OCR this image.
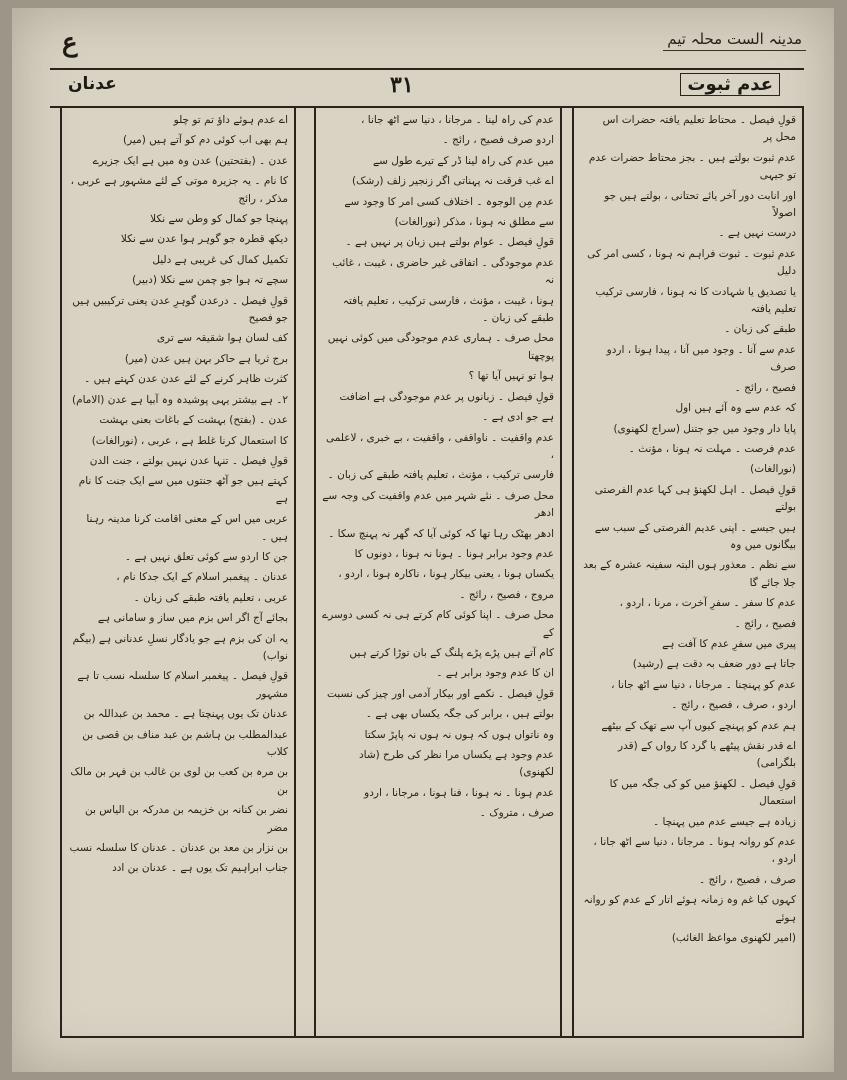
ع	مدینہ الست محلہ تیم
عدنان	۳۱	عدم ثبوت

اے عدم ہوئے داؤ تم تو چلو

ہم بھی اب کوئی دم کو آتے ہیں (میر)

عدن ۔ (بفتحتین) عدن وہ میں ہے ایک جزیرے

کا نام ۔ یہ جزیرہ موتی کے لئے مشہور ہے عربی ، مذکر ، رائج

پہنچا جو کمال کو وطن سے نکلا

دیکھ قطرہ جو گوہر ہوا عدن سے نکلا

تکمیل کمال کی غریبی ہے دلیل

سچے تہ ہوا جو چمن سے نکلا (دبیر)

قولِ فیصل ۔ درعدن گوہرِ عدن یعنی ترکیبیں ہیں جو فصیح

کف لسان ہوا شقیقہ سے تری

برج ثریا ہے حاکر بہن ہیں عدن (میر)

کثرت ظاہر کرنے کے لئے عدن عدن کہتے ہیں ۔

۲۔ ہے بیشتر یہی پوشیدہ وہ آبیا ہے عدن (الامام)

عدن ۔ (بفتح) بہشت کے باغات بعنی بہشت

کا استعمال کرنا غلط ہے ، عربی ، (نورالغات)

قولِ فیصل ۔ تنہا عدن نہیں بولتے ، جنت الدن

کہتے ہیں جو آٹھ جنتوں میں سے ایک جنت کا نام ہے

عربی میں اس کے معنی اقامت کرنا مدینہ رہنا ہیں ۔

جن کا اردو سے کوئی تعلق نہیں ہے ۔

عدنان ۔ پیغمبر اسلام کے ایک جدکا نام ،

عربی ، تعلیم یافتہ طبقے کی زبان ۔

بجائے آج اگر اس بزم میں ساز و سامانی ہے

یہ ان کی بزم ہے جو یادگار نسلِ عدنانی ہے (بیگم نواب)

قولِ فیصل ۔ پیغمبر اسلام کا سلسلہ نسب تا ہے مشہور

عدنان تک یوں پہنچتا ہے ۔ محمد بن عبداللہ بن

عبدالمطلب بن ہاشم بن عبد مناف بن قصی بن کلاب

بن مرہ بن کعب بن لوی بن غالب بن فہر بن مالک بن

نضر بن کنانہ بن خزیمہ بن مدرکہ بن الیاس بن مضر

بن نزار بن معد بن عدنان ۔ عدنان کا سلسلہ نسب

جناب ابراہیم تک یوں ہے ۔ عدنان بن ادد

عدم کی راہ لینا ۔ مرجانا ، دنیا سے اٹھ جانا ،

اردو صرف فصیح ، رائج ۔

میں عدم کی راہ لینا ڈر کے تیرے طول سے

اے غب فرقت نہ پہناتی اگر زنجیر زلف (رشک)

عدم مِن الوجوہ ۔ اختلاف کسی امر کا وجود سے

سے مطلق نہ ہونا ، مذکر (نورالغات)

قولِ فیصل ۔ عوام بولتے ہیں زبان پر نہیں ہے ۔

عدم موجودگی ۔ اتفاقی غیر حاضری ، غیبت ، غائب نہ

ہونا ، غیبت ، مؤنث ، فارسی ترکیب ، تعلیم یافتہ طبقے کی زبان ۔

محل صرف ۔ ہماری عدم موجودگی میں کوئی نہیں پوچھتا

ہوا تو نہیں آیا تھا ؟

قولِ فیصل ۔ زبانوں پر عدم موجودگی ہے اضافت

ہے جو ادی ہے ۔

عدم واقفیت ۔ ناواقفی ، واقفیت ، بے خبری ، لاعلمی ،

فارسی ترکیب ، مؤنث ، تعلیم یافتہ طبقے کی زبان ۔

محل صرف ۔ نئے شہر میں عدم واقفیت کی وجہ سے ادھر

ادھر بھٹک رہا تھا کہ کوئی آیا کہ گھر نہ پہنچ سکا ۔

عدم وجود برابر ہونا ۔ ہونا نہ ہونا ، دونوں کا

یکساں ہونا ، یعنی بیکار ہونا ، ناکارہ ہونا ، اردو ،

مروج ، فصیح ، رائج ۔

محل صرف ۔ اپنا کوئی کام کرتے ہی نہ کسی دوسرے کے

کام آتے ہیں پڑے پڑے پلنگ کے بان توڑا کرتے ہیں

ان کا عدم وجود برابر ہے ۔

قولِ فیصل ۔ نکمے اور بیکار آدمی اور چیز کی نسبت

بولتے ہیں ، برابر کی جگہ یکساں بھی ہے ۔

وہ ناتواں ہوں کہ ہوں نہ ہوں نہ پاپڑ سکتا

عدم وجود ہے یکساں مرا نظر کی طرح (شاد لکھنوی)

عدم ہونا ۔ نہ ہونا ، فنا ہونا ، مرجانا ، اردو

صرف ، متروک ۔

قولِ فیصل ۔ محتاط تعلیم یافتہ حضرات اس محل پر

عدم ثبوت بولتے ہیں ۔ بجز محتاط حضرات عدم تو جیہی

اور انابت دور آخر یائے تحتانی ، بولتے ہیں جو اصولاً

درست نہیں ہے ۔

عدم ثبوت ۔ ثبوت فراہم نہ ہونا ، کسی امر کی دلیل

یا تصدیق یا شہادت کا نہ ہونا ، فارسی ترکیب تعلیم یافتہ

طبقے کی زبان ۔

عدم سے آنا ۔ وجود میں آنا ، پیدا ہونا ، اردو صرف

فصیح ، رائج ۔

کہ عدم سے وہ آئے ہیں اول

پایا دار وجود میں جو جتنل (سراج لکھنوی)

عدم فرصت ۔ مہلت نہ ہونا ، مؤنث ۔

(نورالغات)

قولِ فیصل ۔ اہل لکھنؤ ہی کہا عدم الفرصتی بولتے

ہیں جیسے ۔ اپنی عدیم الفرصتی کے سبب سے بیگانوں میں وہ

سے نظم ۔ معذور ہوں البتہ سفینہ عشرہ کے بعد جلا جائے گا

عدم کا سفر ۔ سفرِ آخرت ، مرنا ، اردو ،

فصیح ، رائج ۔

پیری میں سفرِ عدم کا آفت ہے

جاتا ہے دور ضعف بہ دقت ہے (رشید)

عدم کو پہنچنا ۔ مرجانا ، دنیا سے اٹھ جانا ،

اردو ، صرف ، فصیح ، رائج ۔

ہم عدم کو پہنچے کیوں آپ سے تھک کے بیٹھے

اے قدر نقش پیٹھے یا گرد کا رواں کے (قدر بلگرامی)

قولِ فیصل ۔ لکھنؤ میں کو کی جگہ میں کا استعمال

زیادہ ہے جیسے عدم میں پہنچا ۔

عدم کو روانہ ہونا ۔ مرجانا ، دنیا سے اٹھ جانا ، اردو ،

صرف ، فصیح ، رائج ۔

کہوں کیا غم وہ زمانہ ہوئے اتار کے عدم کو روانہ ہوئے

(امیر لکھنوی مواعظ الغائب)
